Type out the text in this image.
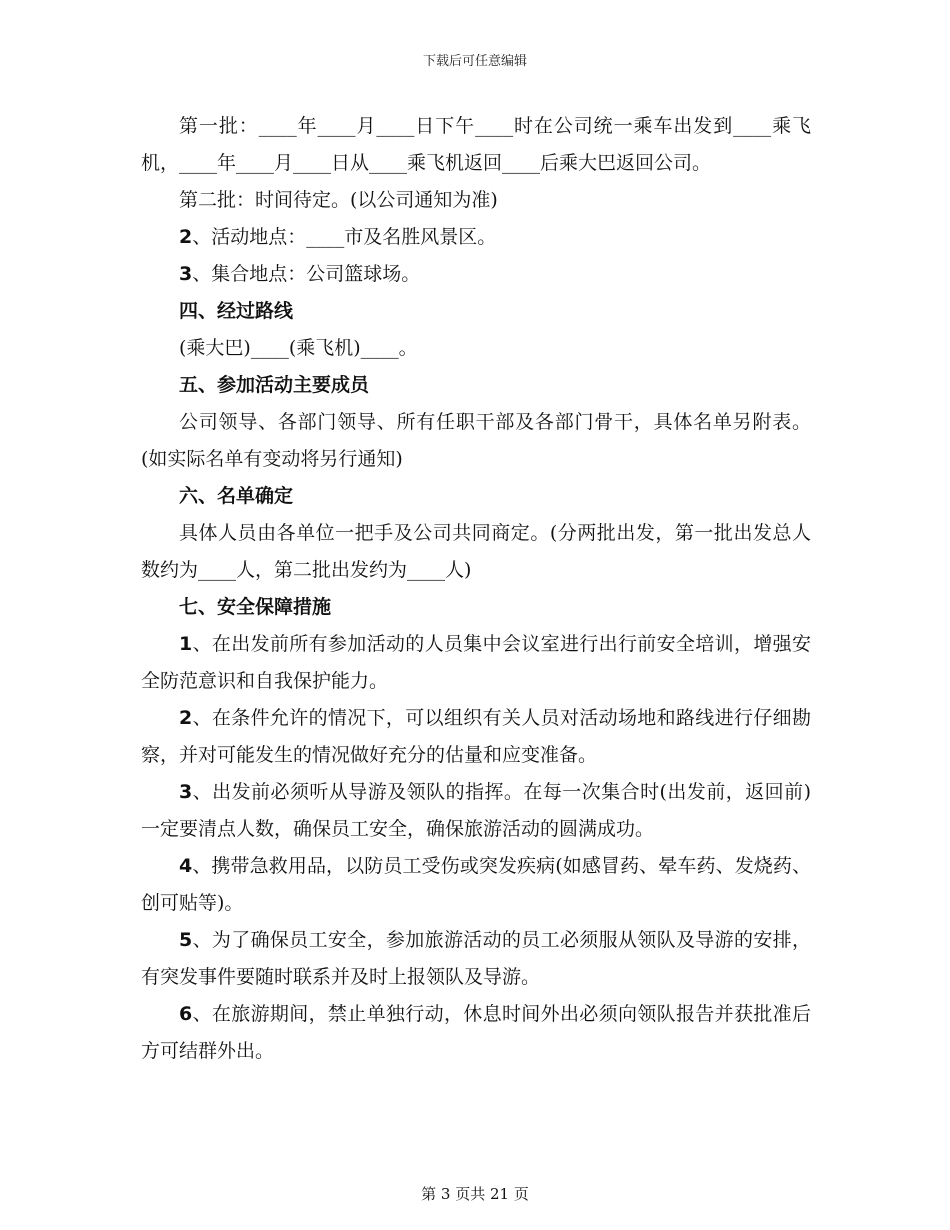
下载后可任意编辑

第一批：____年____月____日下午____时在公司统一乘车出发到____乘飞机，____年____月____日从____乘飞机返回____后乘大巴返回公司。

第二批：时间待定。(以公司通知为准)

2、活动地点：____市及名胜风景区。

3、集合地点：公司篮球场。

四、经过路线

(乘大巴)____(乘飞机)____。

五、参加活动主要成员

公司领导、各部门领导、所有任职干部及各部门骨干，具体名单另附表。(如实际名单有变动将另行通知)

六、名单确定

具体人员由各单位一把手及公司共同商定。(分两批出发，第一批出发总人数约为____人，第二批出发约为____人)

七、安全保障措施

1、在出发前所有参加活动的人员集中会议室进行出行前安全培训，增强安全防范意识和自我保护能力。

2、在条件允许的情况下，可以组织有关人员对活动场地和路线进行仔细勘察，并对可能发生的情况做好充分的估量和应变准备。

3、出发前必须听从导游及领队的指挥。在每一次集合时(出发前，返回前)一定要清点人数，确保员工安全，确保旅游活动的圆满成功。

4、携带急救用品，以防员工受伤或突发疾病(如感冒药、晕车药、发烧药、创可贴等)。

5、为了确保员工安全，参加旅游活动的员工必须服从领队及导游的安排，有突发事件要随时联系并及时上报领队及导游。

6、在旅游期间，禁止单独行动，休息时间外出必须向领队报告并获批准后方可结群外出。

第 3 页共 21 页
